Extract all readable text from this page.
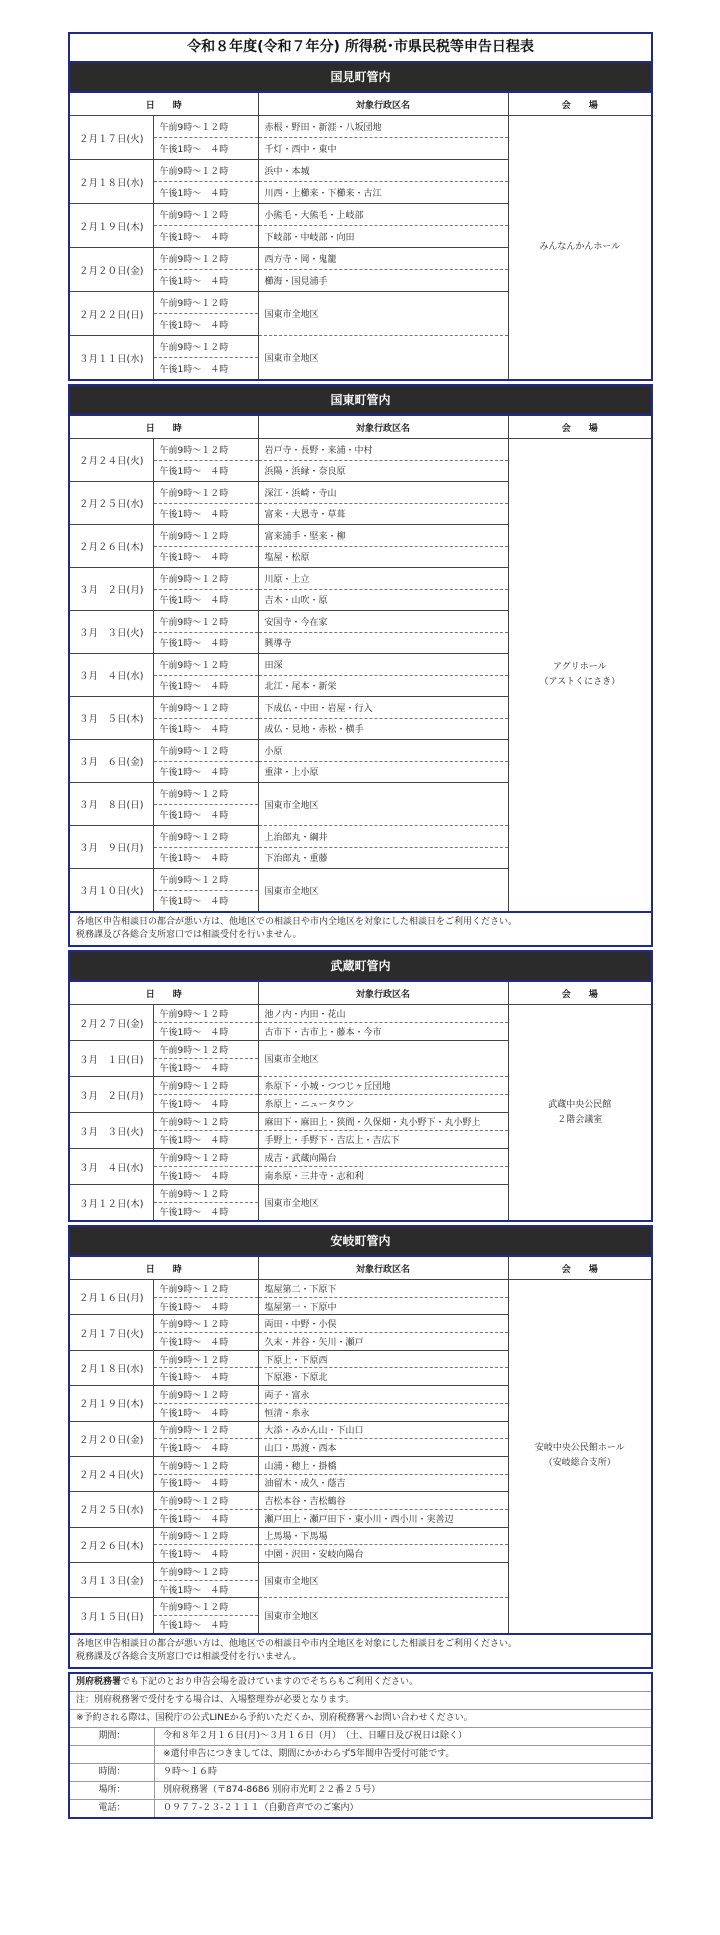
令和８年度(令和７年分) 所得税･市県民税等申告日程表
国見町管内
日　　時		対象行政区名	会　　場
２月１７日(火)	午前9時～１２時	赤根・野田・新涯・八坂団地	みんなんかんホール

	午後1時～　４時	千灯・西中・東中	
２月１８日(水)	午前9時～１２時	浜中・本城	
	午後1時～　４時	川西・上櫛来・下櫛来・古江	
２月１９日(木)	午前9時～１２時	小熊毛・大熊毛・上岐部	
	午後1時～　４時	下岐部・中岐部・向田	
２月２０日(金)	午前9時～１２時	西方寺・岡・鬼籠	
	午後1時～　４時	櫛海・国見浦手	
２月２２日(日)	午前9時～１２時	国東市全地区	
	午後1時～　４時		
３月１１日(水)	午前9時～１２時	国東市全地区	
	午後1時～　４時		
国東町管内
日　　時		対象行政区名	会　　場
２月２４日(火)	午前9時～１２時	岩戸寺・長野・来浦・中村	アグリホール
（アストくにさき）

	午後1時～　４時	浜陽・浜縁・奈良原	
２月２５日(水)	午前9時～１２時	深江・浜崎・寺山	
	午後1時～　４時	富来・大恩寺・草葺	
２月２６日(木)	午前9時～１２時	富来浦手・堅来・柳	
	午後1時～　４時	塩屋・松原	
３月　２日(月)	午前9時～１２時	川原・上立	
	午後1時～　４時	吉木・山吹・原	
３月　３日(火)	午前9時～１２時	安国寺・今在家	
	午後1時～　４時	興導寺	
３月　４日(水)	午前9時～１２時	田深	
	午後1時～　４時	北江・尾本・新栄	
３月　５日(木)	午前9時～１２時	下成仏・中田・岩屋・行入	
	午後1時～　４時	成仏・見地・赤松・横手	
３月　６日(金)	午前9時～１２時	小原	
	午後1時～　４時	重津・上小原	
３月　８日(日)	午前9時～１２時	国東市全地区	
	午後1時～　４時		
３月　９日(月)	午前9時～１２時	上治郎丸・綱井	
	午後1時～　４時	下治郎丸・重藤	
３月１０日(火)	午前9時～１２時	国東市全地区	
	午後1時～　４時		
各地区申告相談日の都合が悪い方は、他地区での相談日や市内全地区を対象にした相談日をご利用ください。
税務課及び各総合支所窓口では相談受付を行いません。
武蔵町管内
日　　時		対象行政区名	会　　場
２月２７日(金)	午前9時～１２時	池ノ内・内田・花山	武蔵中央公民館
２階会議室

	午後1時～　４時	古市下・古市上・藤本・今市	
３月　１日(日)	午前9時～１２時	国東市全地区	
	午後1時～　４時		
３月　２日(月)	午前9時～１２時	糸原下・小城・つつじヶ丘団地	
	午後1時～　４時	糸原上・ニュータウン	
３月　３日(火)	午前9時～１２時	麻田下・麻田上・狭間・久保畑・丸小野下・丸小野上	
	午後1時～　４時	手野上・手野下・吉広上・吉広下	
３月　４日(水)	午前9時～１２時	成吉・武蔵向陽台	
	午後1時～　４時	南糸原・三井寺・志和利	
３月１２日(木)	午前9時～１２時	国東市全地区	
	午後1時～　４時		
安岐町管内
日　　時		対象行政区名	会　　場
２月１６日(月)	午前9時～１２時	塩屋第二・下原下	安岐中央公民館ホール
（安岐総合支所）

	午後1時～　４時	塩屋第一・下原中	
２月１７日(火)	午前9時～１２時	両田・中野・小俣	
	午後1時～　４時	久末・丼谷・矢川・瀬戸	
２月１８日(水)	午前9時～１２時	下原上・下原西	
	午後1時～　４時	下原港・下原北	
２月１９日(木)	午前9時～１２時	両子・富永	
	午後1時～　４時	恒清・糸永	
２月２０日(金)	午前9時～１２時	大添・みかん山・下山口	
	午後1時～　４時	山口・馬渡・西本	
２月２４日(火)	午前9時～１２時	山浦・穂上・掛橋	
	午後1時～　４時	油留木・成久・蔭吉	
２月２５日(水)	午前9時～１２時	吉松本谷・吉松鶴谷	
	午後1時～　４時	瀬戸田上・瀬戸田下・東小川・西小川・実善辺	
２月２６日(木)	午前9時～１２時	上馬場・下馬場	
	午後1時～　４時	中園・沢田・安岐向陽台	
３月１３日(金)	午前9時～１２時	国東市全地区	
	午後1時～　４時		
３月１５日(日)	午前9時～１２時	国東市全地区	
	午後1時～　４時		
各地区申告相談日の都合が悪い方は、他地区での相談日や市内全地区を対象にした相談日をご利用ください。
税務課及び各総合支所窓口では相談受付を行いません。
別府税務署でも下記のとおり申告会場を設けていますのでそちらもご利用ください。
注：別府税務署で受付をする場合は、入場整理券が必要となります。
※予約される際は、国税庁の公式LINEから予約いただくか、別府税務署へお問い合わせください。
期間：	令和８年２月１６日(月)～３月１６日（月）　（土、日曜日及び祝日は除く）
※還付申告につきましては、期間にかかわらず5年間申告受付可能です。
時間：	９時～１６時
場所：	別府税務署（〒874-8686 別府市光町２２番２５号）
電話：	０９７７-２３-２１１１（自動音声でのご案内）
